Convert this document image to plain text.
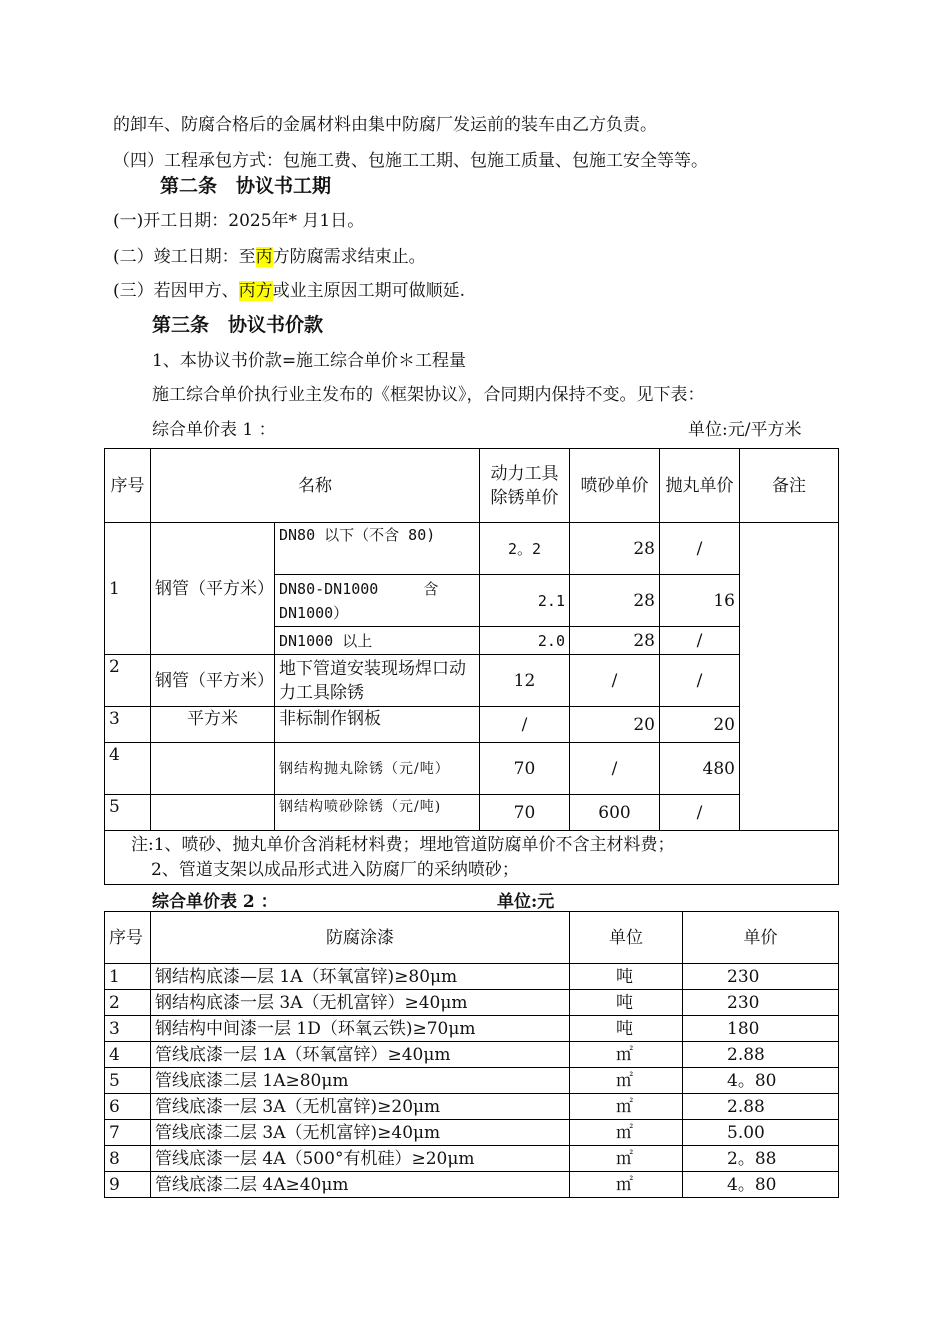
的卸车、防腐合格后的金属材料由集中防腐厂发运前的装车由乙方负责。
（四）工程承包方式：包施工费、包施工工期、包施工质量、包施工安全等等。
第二条　协议书工期
(一)开工日期：2025年* 月1日。
(二）竣工日期：至丙方防腐需求结束止。
(三）若因甲方、丙方或业主原因工期可做顺延.
第三条　协议书价款
1、本协议书价款=施工综合单价＊工程量
施工综合单价执行业主发布的《框架协议》，合同期内保持不变。见下表：
综合单价表 1 ：	单位:元/平方米
序号	名称		动力工具除锈单价	喷砂单价	抛丸单价	备注
1	钢管（平方米）	DN80 以下（不含 80)	2。2	28	/	
		DN80-DN1000　　　含DN1000）	2.1	28	16	
		DN1000 以上	2.0	28	/	
2	钢管（平方米）	地下管道安装现场焊口动力工具除锈	12	/	/	
3	平方米	非标制作钢板	/	20	20	
4		钢结构抛丸除锈（元/吨）	70	/	480	
5		钢结构喷砂除锈（元/吨)	70	600	/	

注:1、喷砂、抛丸单价含消耗材料费；埋地管道防腐单价不含主材料费；
2、管道支架以成品形式进入防腐厂的采纳喷砂；						
综合单价表 2 ：	单位:元
序号	防腐涂漆	单位	单价
1	钢结构底漆—层 1A（环氧富锌)≥80μm	吨	230
2	钢结构底漆一层 3A（无机富锌）≥40μm	吨	230
3	钢结构中间漆一层 1D（环氧云铁)≥70μm	吨	180
4	管线底漆一层 1A（环氧富锌）≥40μm	㎡	2.88
5	管线底漆二层 1A≥80μm	㎡	4。80
6	管线底漆一层 3A（无机富锌)≥20μm	㎡	2.88
7	管线底漆二层 3A（无机富锌)≥40μm	㎡	5.00
8	管线底漆一层 4A（500°有机硅）≥20μm	㎡	2。88
9	管线底漆二层 4A≥40μm	㎡	4。80
